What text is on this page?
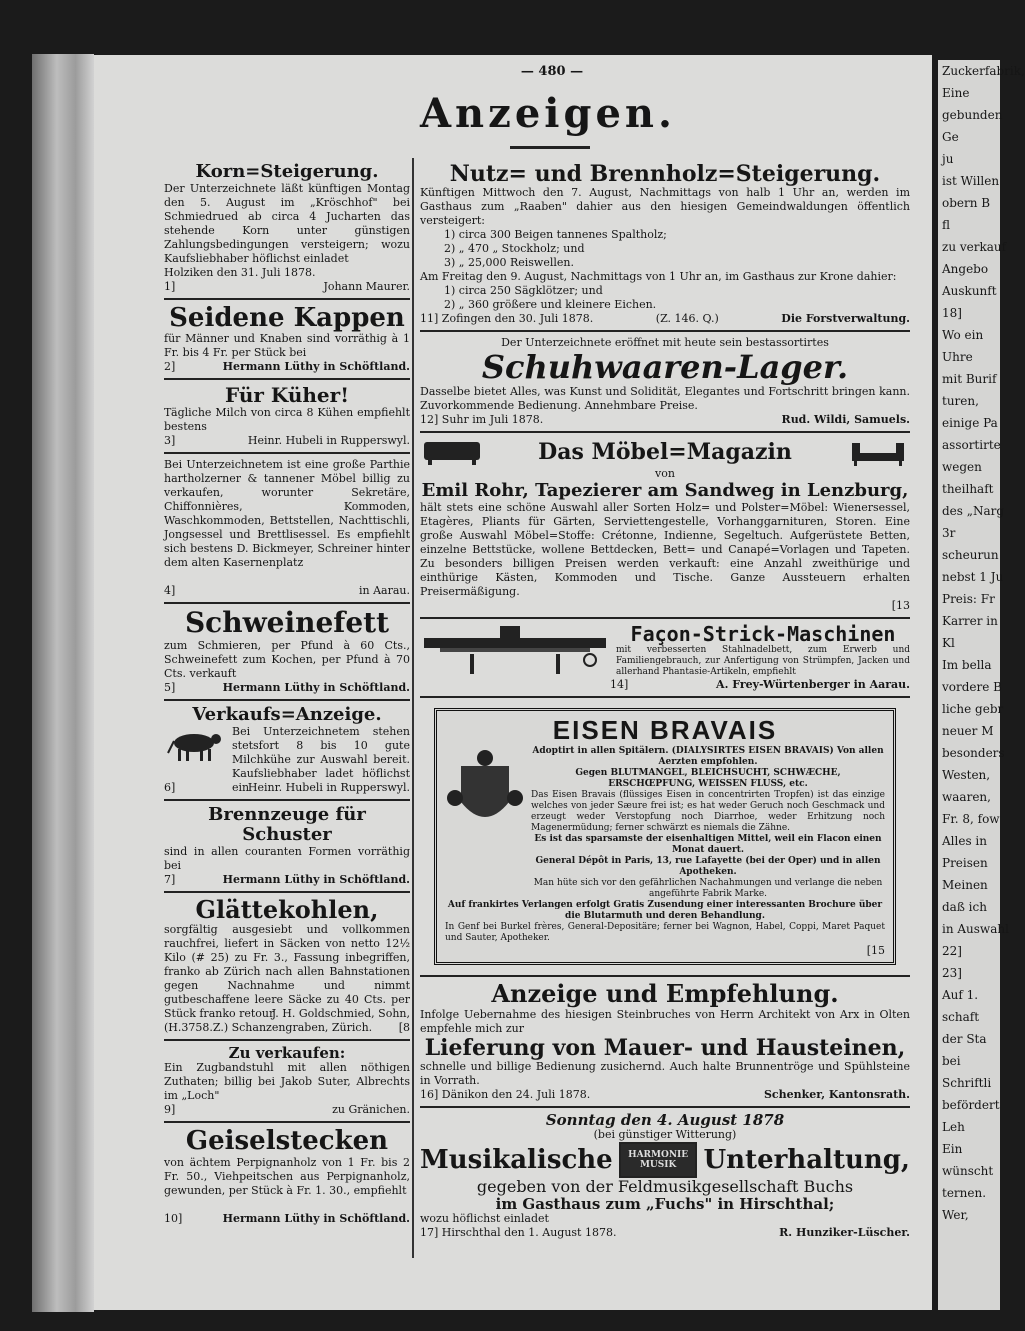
— 480 —
Anzeigen.
Korn=Steigerung.
Der Unterzeichnete läßt künftigen Montag den 5. August im „Kröschhof" bei Schmiedrued ab circa 4 Jucharten das stehende Korn unter günstigen Zahlungsbedingungen versteigern; wozu Kaufsliebhaber höflichst einladet
Holziken den 31. Juli 1878.
1]	Johann Maurer.
Seidene Kappen
für Männer und Knaben sind vorräthig à 1 Fr. bis 4 Fr. per Stück bei
2]	Hermann Lüthy in Schöftland.
Für Küher!
Tägliche Milch von circa 8 Kühen empfiehlt bestens
3]	Heinr. Hubeli in Rupperswyl.
Bei Unterzeichnetem ist eine große Parthie hartholzerner & tannener Möbel billig zu verkaufen, worunter Sekretäre, Chiffonnières, Kommoden, Waschkommoden, Bettstellen, Nachttischli, Jongsessel und Brettlisessel. Es empfiehlt sich bestens D. Bickmeyer, Schreiner hinter dem alten Kasernenplatz
4]	in Aarau.
Schweinefett
zum Schmieren, per Pfund à 60 Cts., Schweinefett zum Kochen, per Pfund à 70 Cts. verkauft
5]	Hermann Lüthy in Schöftland.
Verkaufs=Anzeige.
Bei Unterzeichnetem stehen stetsfort 8 bis 10 gute Milchkühe zur Auswahl bereit. Kaufsliebhaber ladet höflichst ein
6]	Heinr. Hubeli in Rupperswyl.
Brennzeuge für Schuster
sind in allen couranten Formen vorräthig bei
7]	Hermann Lüthy in Schöftland.
Glättekohlen,
sorgfältig ausgesiebt und vollkommen rauchfrei, liefert in Säcken von netto 12½ Kilo (# 25) zu Fr. 3., Fassung inbegriffen, franko ab Zürich nach allen Bahnstationen gegen Nachnahme und nimmt gutbeschaffene leere Säcke zu 40 Cts. per Stück franko retour
J. H. Goldschmied, Sohn,
(H.3758.Z.) Schanzengraben, Zürich. [8
Zu verkaufen:
Ein Zugbandstuhl mit allen nöthigen Zuthaten; billig bei Jakob Suter, Albrechts im „Loch"
9]	zu Gränichen.
Geiselstecken
von ächtem Perpignanholz von 1 Fr. bis 2 Fr. 50., Viehpeitschen aus Perpignanholz, gewunden, per Stück à Fr. 1. 30., empfiehlt
10]	Hermann Lüthy in Schöftland.
Nutz= und Brennholz=Steigerung.
Künftigen Mittwoch den 7. August, Nachmittags von halb 1 Uhr an, werden im Gasthaus zum „Raaben" dahier aus den hiesigen Gemeindwaldungen öffentlich versteigert:
1) circa 300 Beigen tannenes Spaltholz;
2) „ 470 „ Stockholz; und
3) „ 25,000 Reiswellen.
Am Freitag den 9. August, Nachmittags von 1 Uhr an, im Gasthaus zur Krone dahier:
1) circa 250 Sägklötzer; und
2) „ 360 größere und kleinere Eichen.
11] Zofingen den 30. Juli 1878.	(Z. 146. Q.)	Die Forstverwaltung.
Der Unterzeichnete eröffnet mit heute sein bestassortirtes
Schuhwaaren-Lager.
Dasselbe bietet Alles, was Kunst und Solidität, Elegantes und Fortschritt bringen kann. Zuvorkommende Bedienung. Annehmbare Preise.
12] Suhr im Juli 1878.	Rud. Wildi, Samuels.
Das Möbel=Magazin
von
Emil Rohr, Tapezierer am Sandweg in Lenzburg,
hält stets eine schöne Auswahl aller Sorten Holz= und Polster=Möbel: Wienersessel, Etagères, Pliants für Gärten, Serviettengestelle, Vorhanggarnituren, Storen. Eine große Auswahl Möbel=Stoffe: Crétonne, Indienne, Segeltuch. Aufgerüstete Betten, einzelne Bettstücke, wollene Bettdecken, Bett= und Canapé=Vorlagen und Tapeten. Zu besonders billigen Preisen werden verkauft: eine Anzahl zweithürige und einthürige Kästen, Kommoden und Tische. Ganze Aussteuern erhalten Preisermäßigung.
[13
Façon-Strick-Maschinen
mit verbesserten Stahlnadelbett, zum Erwerb und Familiengebrauch, zur Anfertigung von Strümpfen, Jacken und allerhand Phantasie-Artikeln, empfiehlt
14]	A. Frey-Würtenberger in Aarau.
EISEN BRAVAIS
Adoptirt in allen Spitälern. (DIALYSIRTES EISEN BRAVAIS) Von allen Aerzten empfohlen.
Gegen BLUTMANGEL, BLEICHSUCHT, SCHWÆCHE, ERSCHŒPFUNG, WEISSEN FLUSS, etc.
Das Eisen Bravais (flüssiges Eisen in concentrirten Tropfen) ist das einzige welches von jeder Sæure frei ist; es hat weder Geruch noch Geschmack und erzeugt weder Verstopfung noch Diarrhoe, weder Erhitzung noch Magenermüdung; ferner schwärzt es niemals die Zähne.
Es ist das sparsamste der eisenhaltigen Mittel, weil ein Flacon einen Monat dauert.
General Dépôt in Paris, 13, rue Lafayette (bei der Oper) und in allen Apotheken.
Man hüte sich vor den gefährlichen Nachahmungen und verlange die neben angeführte Fabrik Marke.
Auf frankirtes Verlangen erfolgt Gratis Zusendung einer interessanten Brochure über die Blutarmuth und deren Behandlung.
In Genf bei Burkel frères, General-Depositäre; ferner bei Wagnon, Habel, Coppi, Maret Paquet und Sauter, Apotheker.
[15
Anzeige und Empfehlung.
Infolge Uebernahme des hiesigen Steinbruches von Herrn Architekt von Arx in Olten empfehle mich zur
Lieferung von Mauer- und Hausteinen,
schnelle und billige Bedienung zusichernd. Auch halte Brunnentröge und Spühlsteine in Vorrath.
16] Dänikon den 24. Juli 1878.	Schenker, Kantonsrath.
Sonntag den 4. August 1878
(bei günstiger Witterung)
Musikalische	HARMONIE MUSIK	Unterhaltung,
gegeben von der Feldmusikgesellschaft Buchs
im Gasthaus zum „Fuchs" in Hirschthal;
wozu höflichst einladet
17] Hirschthal den 1. August 1878.	R. Hunziker-Lüscher.
Zuckerfabrik,
Eine
gebunden
Ge
ju
ist Willen
obern B
fl
zu verkauf
Angebo
Auskunft
18]
Wo ein
Uhre
mit Burif
turen,
einige Pa
assortirte
wegen
theilhaft
des „Narg
3r
scheurun
nebst 1 Ju
Preis: Fr
Karrer in
Kl
Im bella
vordere B
liche gebr
neuer M
besonders
Westen,
waaren,
Fr. 8, fow
Alles in
Preisen
Meinen
daß ich
in Auswahl
22]
23]
Auf 1.
schaft
der Sta
bei
Schriftli
befördert
Leh
Ein
wünscht
ternen.
Wer,
